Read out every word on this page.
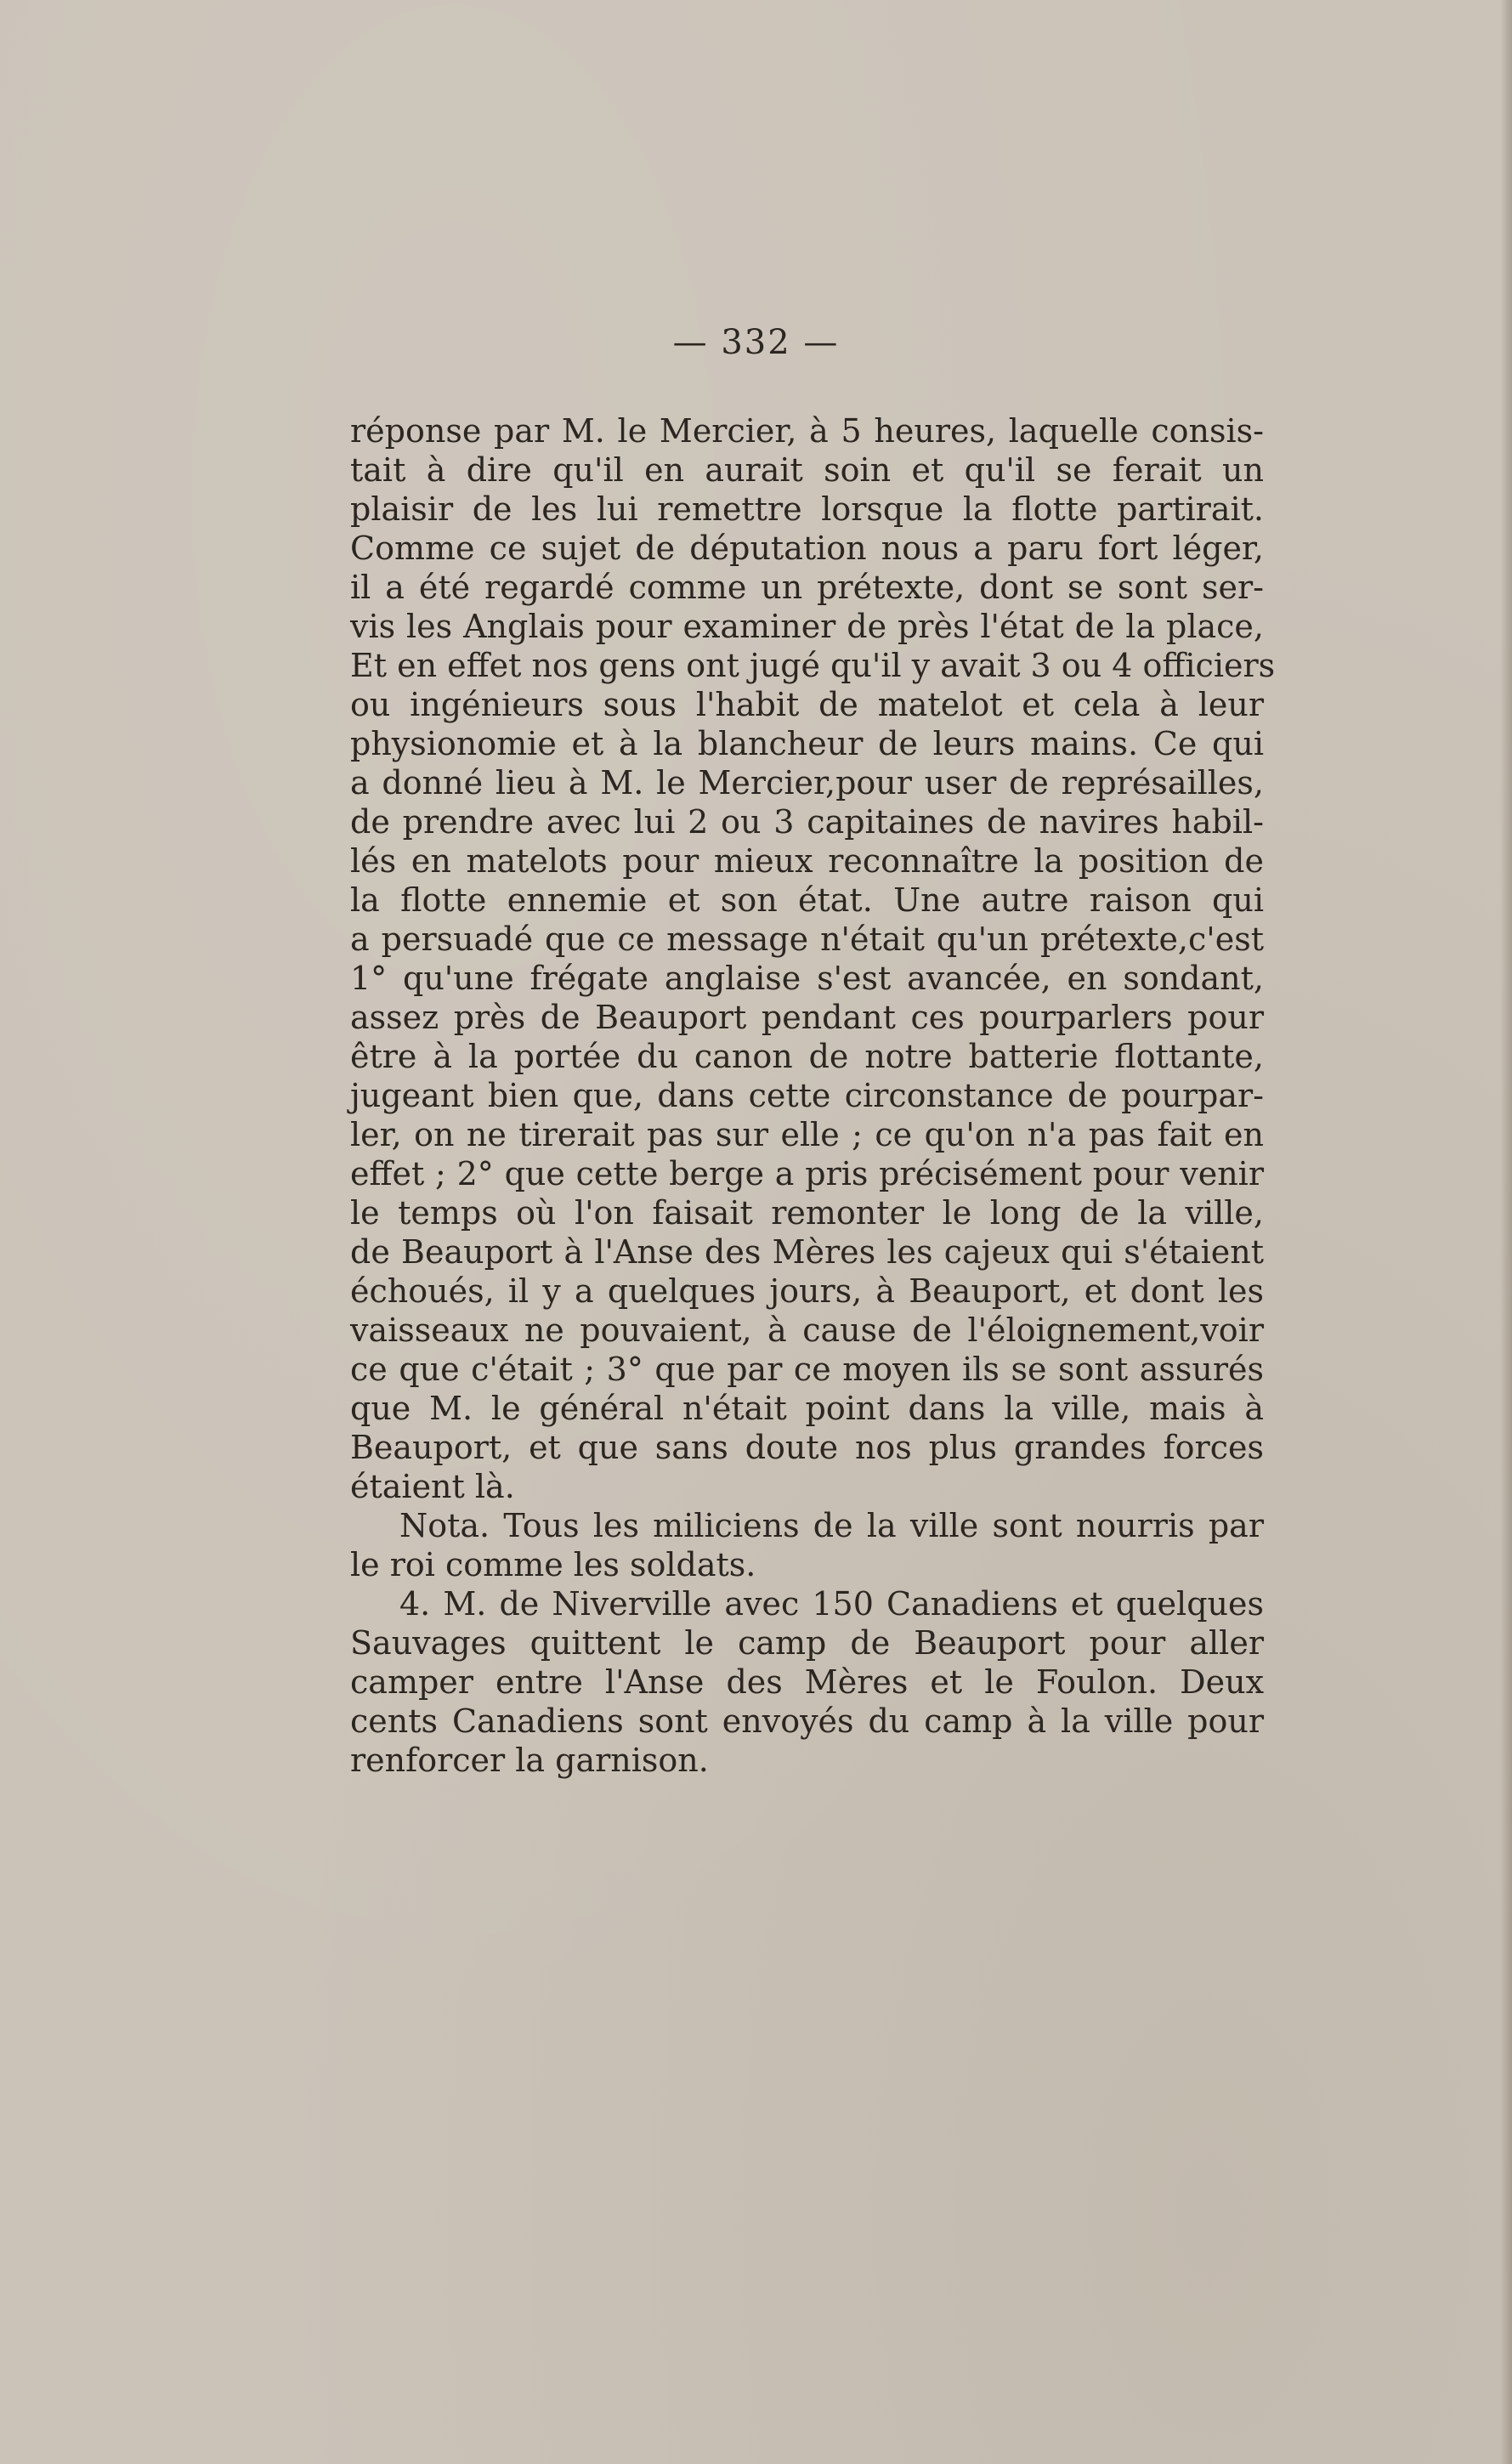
— 332 —
réponse par M. le Mercier, à 5 heures, laquelle consis-
tait à dire qu'il en aurait soin et qu'il se ferait un
plaisir de les lui remettre lorsque la flotte partirait.
Comme ce sujet de députation nous a paru fort léger,
il a été regardé comme un prétexte, dont se sont ser-
vis les Anglais pour examiner de près l'état de la place,
Et en effet nos gens ont jugé qu'il y avait 3 ou 4 officiers
ou ingénieurs sous l'habit de matelot et cela à leur
physionomie et à la blancheur de leurs mains. Ce qui
a donné lieu à M. le Mercier,pour user de représailles,
de prendre avec lui 2 ou 3 capitaines de navires habil-
lés en matelots pour mieux reconnaître la position de
la flotte ennemie et son état. Une autre raison qui
a persuadé que ce message n'était qu'un prétexte,c'est
1° qu'une frégate anglaise s'est avancée, en sondant,
assez près de Beauport pendant ces pourparlers pour
être à la portée du canon de notre batterie flottante,
jugeant bien que, dans cette circonstance de pourpar-
ler, on ne tirerait pas sur elle ; ce qu'on n'a pas fait en
effet ; 2° que cette berge a pris précisément pour venir
le temps où l'on faisait remonter le long de la ville,
de Beauport à l'Anse des Mères les cajeux qui s'étaient
échoués, il y a quelques jours, à Beauport, et dont les
vaisseaux ne pouvaient, à cause de l'éloignement,voir
ce que c'était ; 3° que par ce moyen ils se sont assurés
que M. le général n'était point dans la ville, mais à
Beauport, et que sans doute nos plus grandes forces
étaient là.
Nota. Tous les miliciens de la ville sont nourris par
le roi comme les soldats.
4. M. de Niverville avec 150 Canadiens et quelques
Sauvages quittent le camp de Beauport pour aller
camper entre l'Anse des Mères et le Foulon. Deux
cents Canadiens sont envoyés du camp à la ville pour
renforcer la garnison.
